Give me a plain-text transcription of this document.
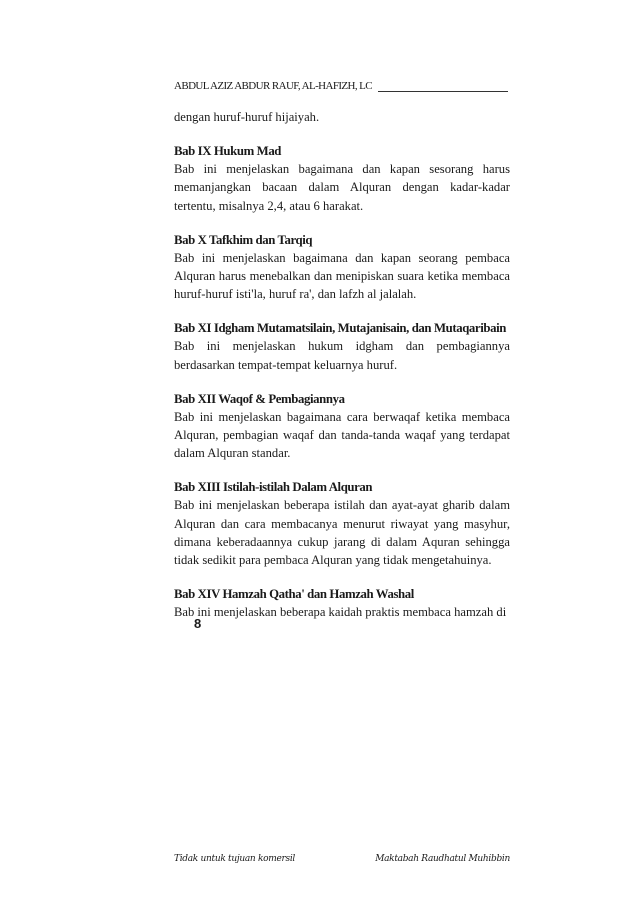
ABDUL AZIZ ABDUR RAUF, AL-HAFIZH, LC

dengan huruf-huruf hijaiyah.

Bab IX Hukum Mad

Bab ini menjelaskan bagaimana dan kapan sesorang harus memanjangkan bacaan dalam Alquran dengan kadar-kadar tertentu, misalnya 2,4, atau 6 harakat.

Bab X Tafkhim dan Tarqiq

Bab ini menjelaskan bagaimana dan kapan seorang pembaca Alquran harus menebalkan dan menipiskan suara ketika membaca huruf-huruf isti'la, huruf ra', dan lafzh al jalalah.

Bab XI Idgham Mutamatsilain, Mutajanisain, dan Mutaqaribain

Bab ini menjelaskan hukum idgham dan pembagiannya berdasarkan tempat-tempat keluarnya huruf.

Bab XII Waqof & Pembagiannya

Bab ini menjelaskan bagaimana cara berwaqaf ketika membaca Alquran, pembagian waqaf dan tanda-tanda waqaf yang terdapat dalam Alquran standar.

Bab XIII Istilah-istilah Dalam Alquran

Bab ini menjelaskan beberapa istilah dan ayat-ayat gharib dalam Alquran dan cara membacanya menurut riwayat yang masyhur, dimana keberadaannya cukup jarang di dalam Aquran sehingga tidak sedikit para pembaca Alquran yang tidak mengetahuinya.

Bab XIV Hamzah Qatha' dan Hamzah Washal

Bab ini menjelaskan beberapa kaidah praktis membaca hamzah di

8
Tidak untuk tujuan komersil	Maktabah Raudhatul Muhibbin
